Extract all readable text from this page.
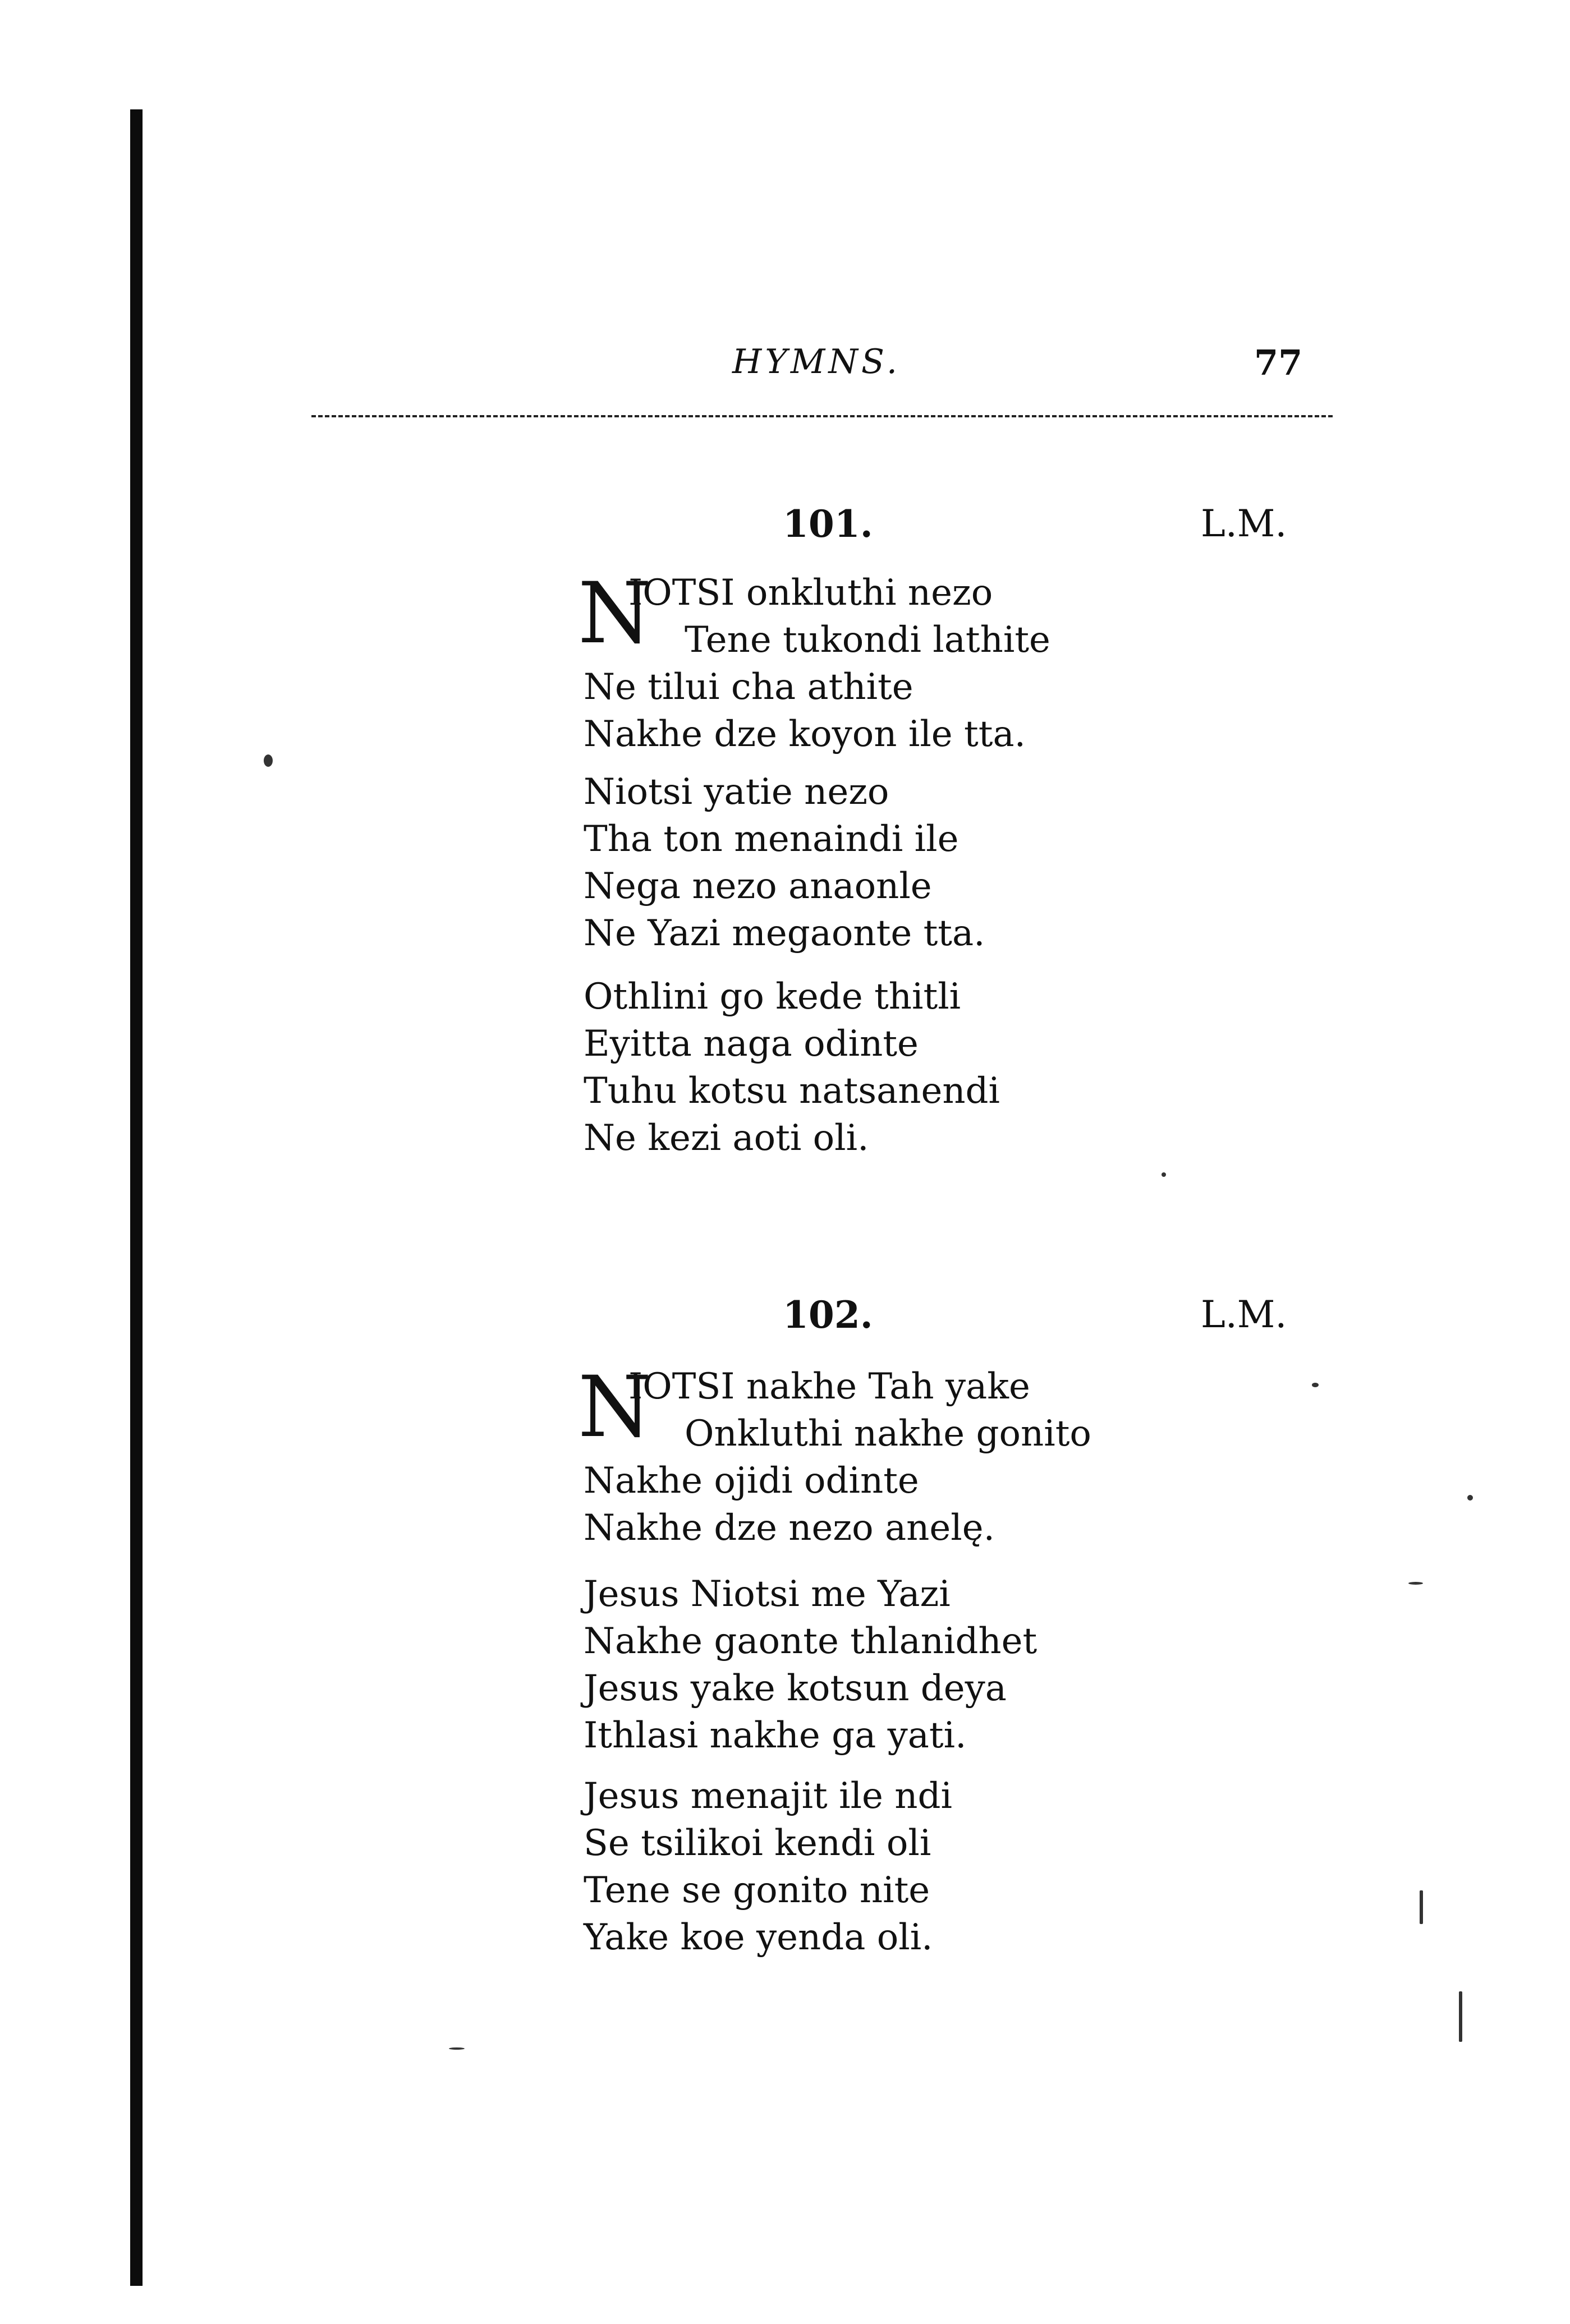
HYMNS.	77
101.	L.M.
N
IOTSI onkluthi nezo
Tene tukondi lathite
Ne tilui cha athite
Nakhe dze koyon ile tta.
Niotsi yatie nezo
Tha ton menaindi ile
Nega nezo anaonle
Ne Yazi megaonte tta.
Othlini go kede thitli
Eyitta naga odinte
Tuhu kotsu natsanendi
Ne kezi aoti oli.
102.	L.M.
N
IOTSI nakhe Tah yake
Onkluthi nakhe gonito
Nakhe ojidi odinte
Nakhe dze nezo anelę.
Jesus Niotsi me Yazi
Nakhe gaonte thlanidhet
Jesus yake kotsun deya
Ithlasi nakhe ga yati.
Jesus menajit ile ndi
Se tsilikoi kendi oli
Tene se gonito nite
Yake koe yenda oli.
